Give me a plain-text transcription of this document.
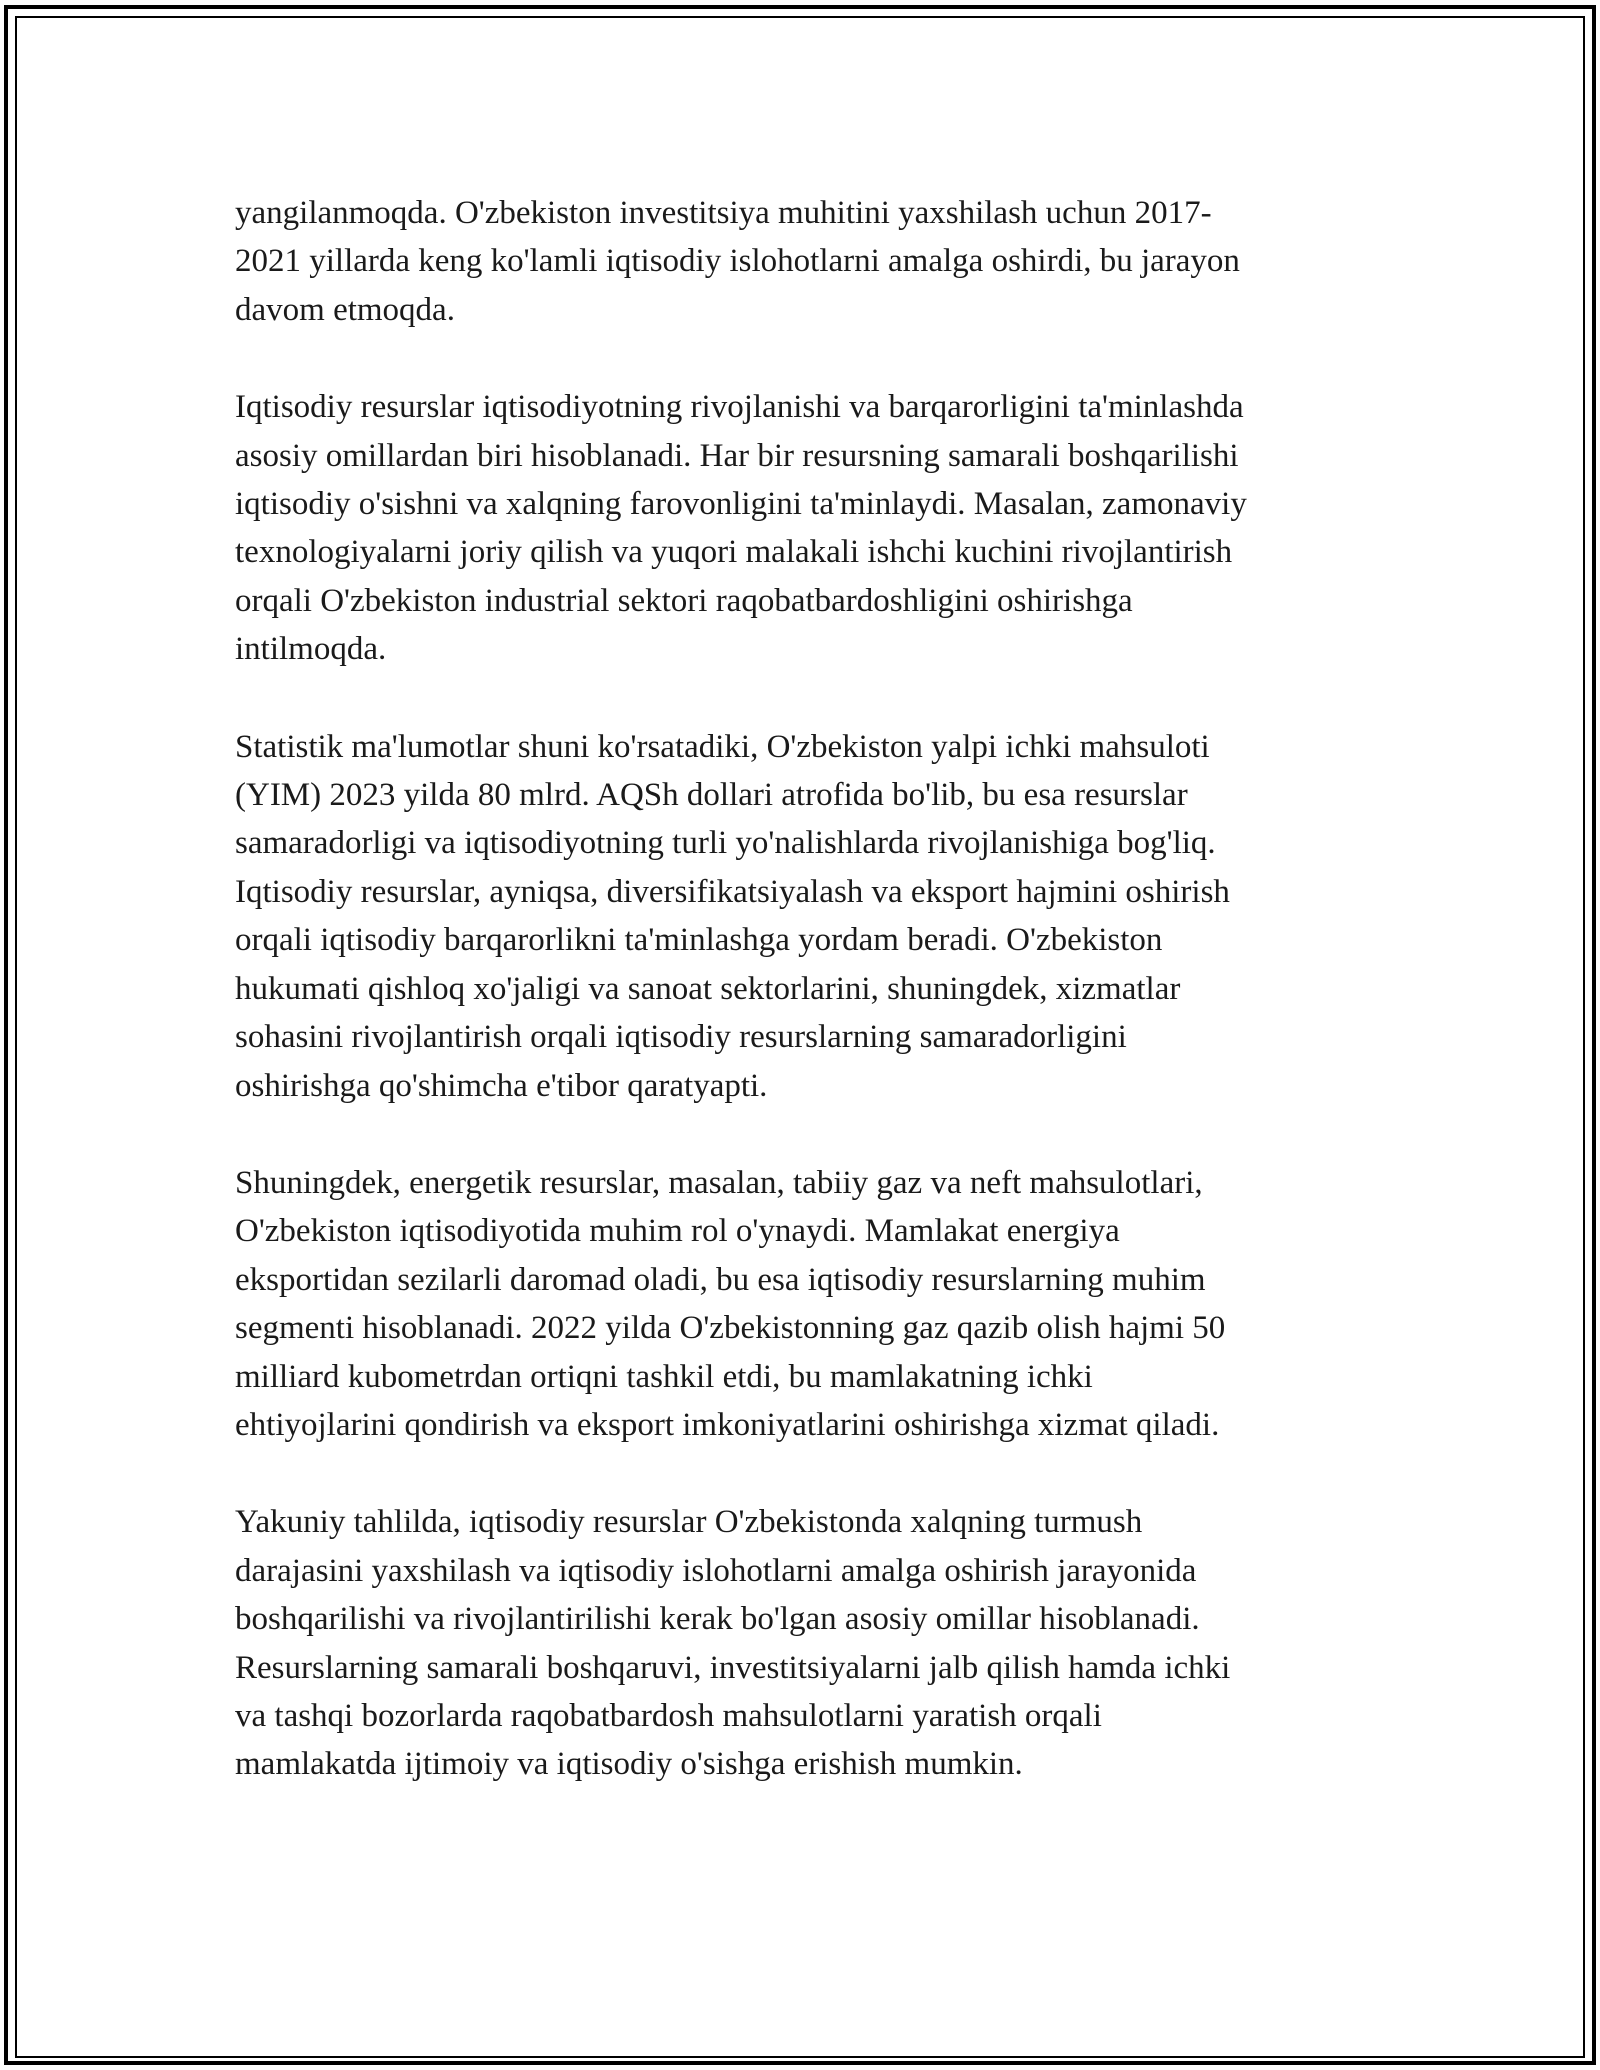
yangilanmoqda. O'zbekiston investitsiya muhitini yaxshilash uchun 2017-
2021 yillarda keng ko'lamli iqtisodiy islohotlarni amalga oshirdi, bu jarayon
davom etmoqda.

Iqtisodiy resurslar iqtisodiyotning rivojlanishi va barqarorligini ta'minlashda
asosiy omillardan biri hisoblanadi. Har bir resursning samarali boshqarilishi
iqtisodiy o'sishni va xalqning farovonligini ta'minlaydi. Masalan, zamonaviy
texnologiyalarni joriy qilish va yuqori malakali ishchi kuchini rivojlantirish
orqali O'zbekiston industrial sektori raqobatbardoshligini oshirishga
intilmoqda.

Statistik ma'lumotlar shuni ko'rsatadiki, O'zbekiston yalpi ichki mahsuloti
(YIM) 2023 yilda 80 mlrd. AQSh dollari atrofida bo'lib, bu esa resurslar
samaradorligi va iqtisodiyotning turli yo'nalishlarda rivojlanishiga bog'liq.
Iqtisodiy resurslar, ayniqsa, diversifikatsiyalash va eksport hajmini oshirish
orqali iqtisodiy barqarorlikni ta'minlashga yordam beradi. O'zbekiston
hukumati qishloq xo'jaligi va sanoat sektorlarini, shuningdek, xizmatlar
sohasini rivojlantirish orqali iqtisodiy resurslarning samaradorligini
oshirishga qo'shimcha e'tibor qaratyapti.

Shuningdek, energetik resurslar, masalan, tabiiy gaz va neft mahsulotlari,
O'zbekiston iqtisodiyotida muhim rol o'ynaydi. Mamlakat energiya
eksportidan sezilarli daromad oladi, bu esa iqtisodiy resurslarning muhim
segmenti hisoblanadi. 2022 yilda O'zbekistonning gaz qazib olish hajmi 50
milliard kubometrdan ortiqni tashkil etdi, bu mamlakatning ichki
ehtiyojlarini qondirish va eksport imkoniyatlarini oshirishga xizmat qiladi.

Yakuniy tahlilda, iqtisodiy resurslar O'zbekistonda xalqning turmush
darajasini yaxshilash va iqtisodiy islohotlarni amalga oshirish jarayonida
boshqarilishi va rivojlantirilishi kerak bo'lgan asosiy omillar hisoblanadi.
Resurslarning samarali boshqaruvi, investitsiyalarni jalb qilish hamda ichki
va tashqi bozorlarda raqobatbardosh mahsulotlarni yaratish orqali
mamlakatda ijtimoiy va iqtisodiy o'sishga erishish mumkin.
